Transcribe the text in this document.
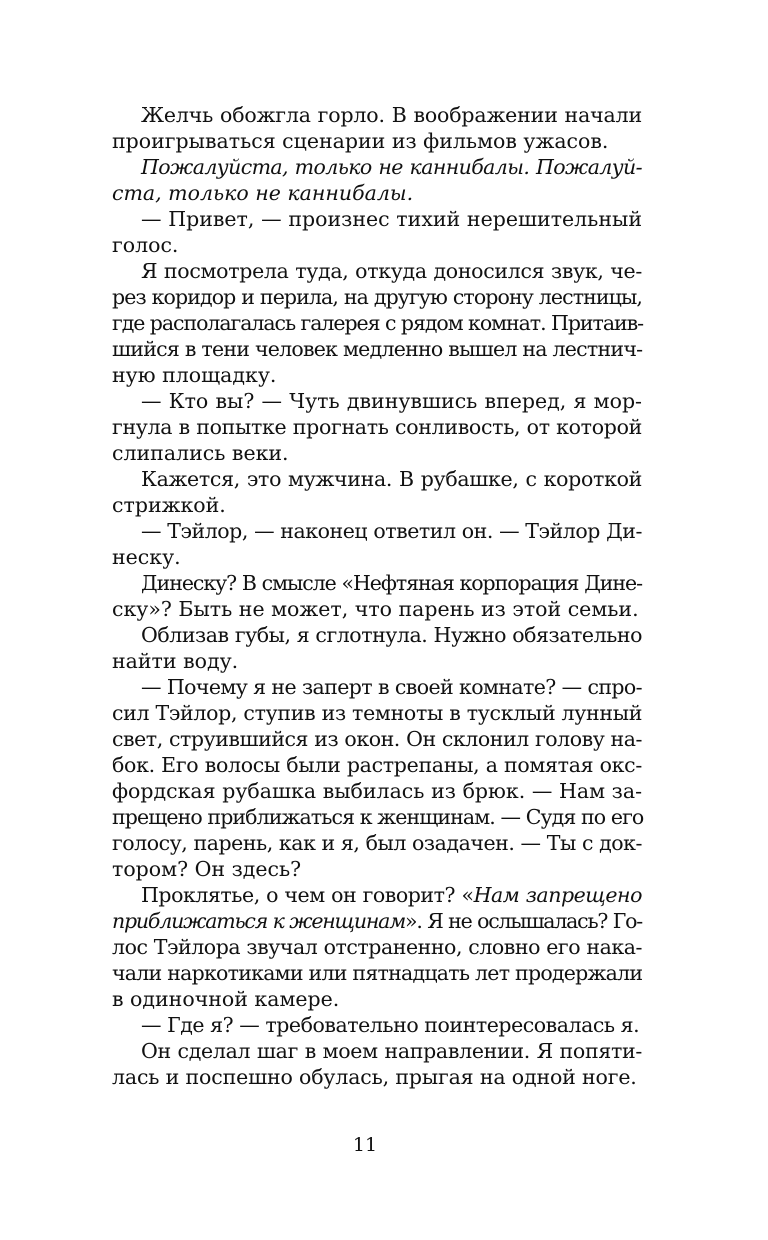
Желчь обожгла горло. В воображении начали
проигрываться сценарии из фильмов ужасов.
Пожалуйста, только не каннибалы. Пожалуй-
ста, только не каннибалы.
— Привет, — произнес тихий нерешительный
голос.
Я посмотрела туда, откуда доносился звук, че-
рез коридор и перила, на другую сторону лестницы,
где располагалась галерея с рядом комнат. Притаив-
шийся в тени человек медленно вышел на лестнич-
ную площадку.
— Кто вы? — Чуть двинувшись вперед, я мор-
гнула в попытке прогнать сонливость, от которой
слипались веки.
Кажется, это мужчина. В рубашке, с короткой
стрижкой.
— Тэйлор, — наконец ответил он. — Тэйлор Ди-
неску.
Динеску? В смысле «Нефтяная корпорация Дине-
ску»? Быть не может, что парень из этой семьи.
Облизав губы, я сглотнула. Нужно обязательно
найти воду.
— Почему я не заперт в своей комнате? — спро-
сил Тэйлор, ступив из темноты в тусклый лунный
свет, струившийся из окон. Он склонил голову на-
бок. Его волосы были растрепаны, а помятая окс-
фордская рубашка выбилась из брюк. — Нам за-
прещено приближаться к женщинам. — Судя по его
голосу, парень, как и я, был озадачен. — Ты с док-
тором? Он здесь?
Проклятье, о чем он говорит? «Нам запрещено
приближаться к женщинам». Я не ослышалась? Го-
лос Тэйлора звучал отстраненно, словно его нака-
чали наркотиками или пятнадцать лет продержали
в одиночной камере.
— Где я? — требовательно поинтересовалась я.
Он сделал шаг в моем направлении. Я попяти-
лась и поспешно обулась, прыгая на одной ноге.
11
